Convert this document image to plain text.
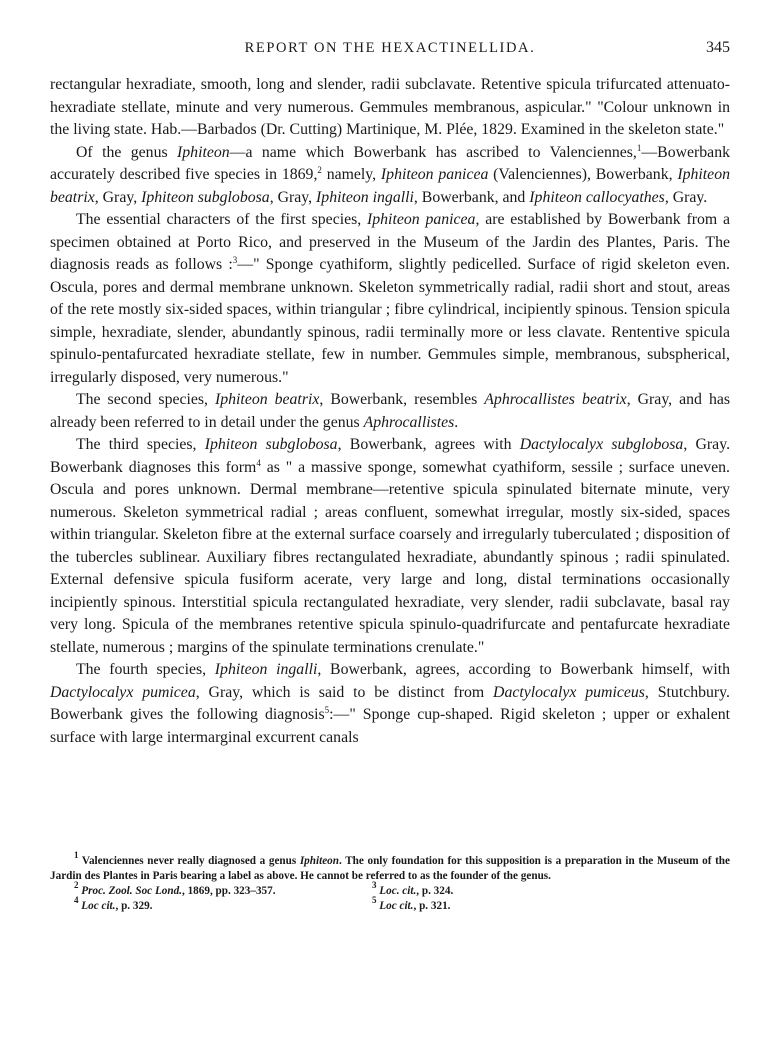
REPORT ON THE HEXACTINELLIDA.	345

rectangular hexradiate, smooth, long and slender, radii subclavate. Retentive spicula trifurcated attenuato-hexradiate stellate, minute and very numerous. Gemmules membranous, aspicular." "Colour unknown in the living state. Hab.—Barbados (Dr. Cutting) Martinique, M. Plée, 1829. Examined in the skeleton state."

Of the genus Iphiteon—a name which Bowerbank has ascribed to Valenciennes,$^1$—Bowerbank accurately described five species in 1869,$^2$ namely, Iphiteon panicea (Valenciennes), Bowerbank, Iphiteon beatrix, Gray, Iphiteon subglobosa, Gray, Iphiteon ingalli, Bowerbank, and Iphiteon callocyathes, Gray.

The essential characters of the first species, Iphiteon panicea, are established by Bowerbank from a specimen obtained at Porto Rico, and preserved in the Museum of the Jardin des Plantes, Paris. The diagnosis reads as follows :$^3$—" Sponge cyathiform, slightly pedicelled. Surface of rigid skeleton even. Oscula, pores and dermal membrane unknown. Skeleton symmetrically radial, radii short and stout, areas of the rete mostly six-sided spaces, within triangular ; fibre cylindrical, incipiently spinous. Tension spicula simple, hexradiate, slender, abundantly spinous, radii terminally more or less clavate. Rententive spicula spinulo-pentafurcated hexradiate stellate, few in number. Gemmules simple, membranous, subspherical, irregularly disposed, very numerous."

The second species, Iphiteon beatrix, Bowerbank, resembles Aphrocallistes beatrix, Gray, and has already been referred to in detail under the genus Aphrocallistes.

The third species, Iphiteon subglobosa, Bowerbank, agrees with Dactylocalyx subglobosa, Gray. Bowerbank diagnoses this form$^4$ as " a massive sponge, somewhat cyathiform, sessile ; surface uneven. Oscula and pores unknown. Dermal membrane—retentive spicula spinulated biternate minute, very numerous. Skeleton symmetrical radial ; areas confluent, somewhat irregular, mostly six-sided, spaces within triangular. Skeleton fibre at the external surface coarsely and irregularly tuberculated ; disposition of the tubercles sublinear. Auxiliary fibres rectangulated hexradiate, abundantly spinous ; radii spinulated. External defensive spicula fusiform acerate, very large and long, distal terminations occasionally incipiently spinous. Interstitial spicula rectangulated hexradiate, very slender, radii subclavate, basal ray very long. Spicula of the membranes retentive spicula spinulo-quadrifurcate and pentafurcate hexradiate stellate, numerous ; margins of the spinulate terminations crenulate."

The fourth species, Iphiteon ingalli, Bowerbank, agrees, according to Bowerbank himself, with Dactylocalyx pumicea, Gray, which is said to be distinct from Dactylocalyx pumiceus, Stutchbury. Bowerbank gives the following diagnosis$^5$:—" Sponge cup-shaped. Rigid skeleton ; upper or exhalent surface with large intermarginal excurrent canals

$^1$ Valenciennes never really diagnosed a genus Iphiteon. The only foundation for this supposition is a preparation in the Museum of the Jardin des Plantes in Paris bearing a label as above. He cannot be referred to as the founder of the genus.

$^2$ Proc. Zool. Soc Lond., 1869, pp. 323–357.	$^3$ Loc. cit., p. 324.
$^4$ Loc cit., p. 329.	$^5$ Loc cit., p. 321.
